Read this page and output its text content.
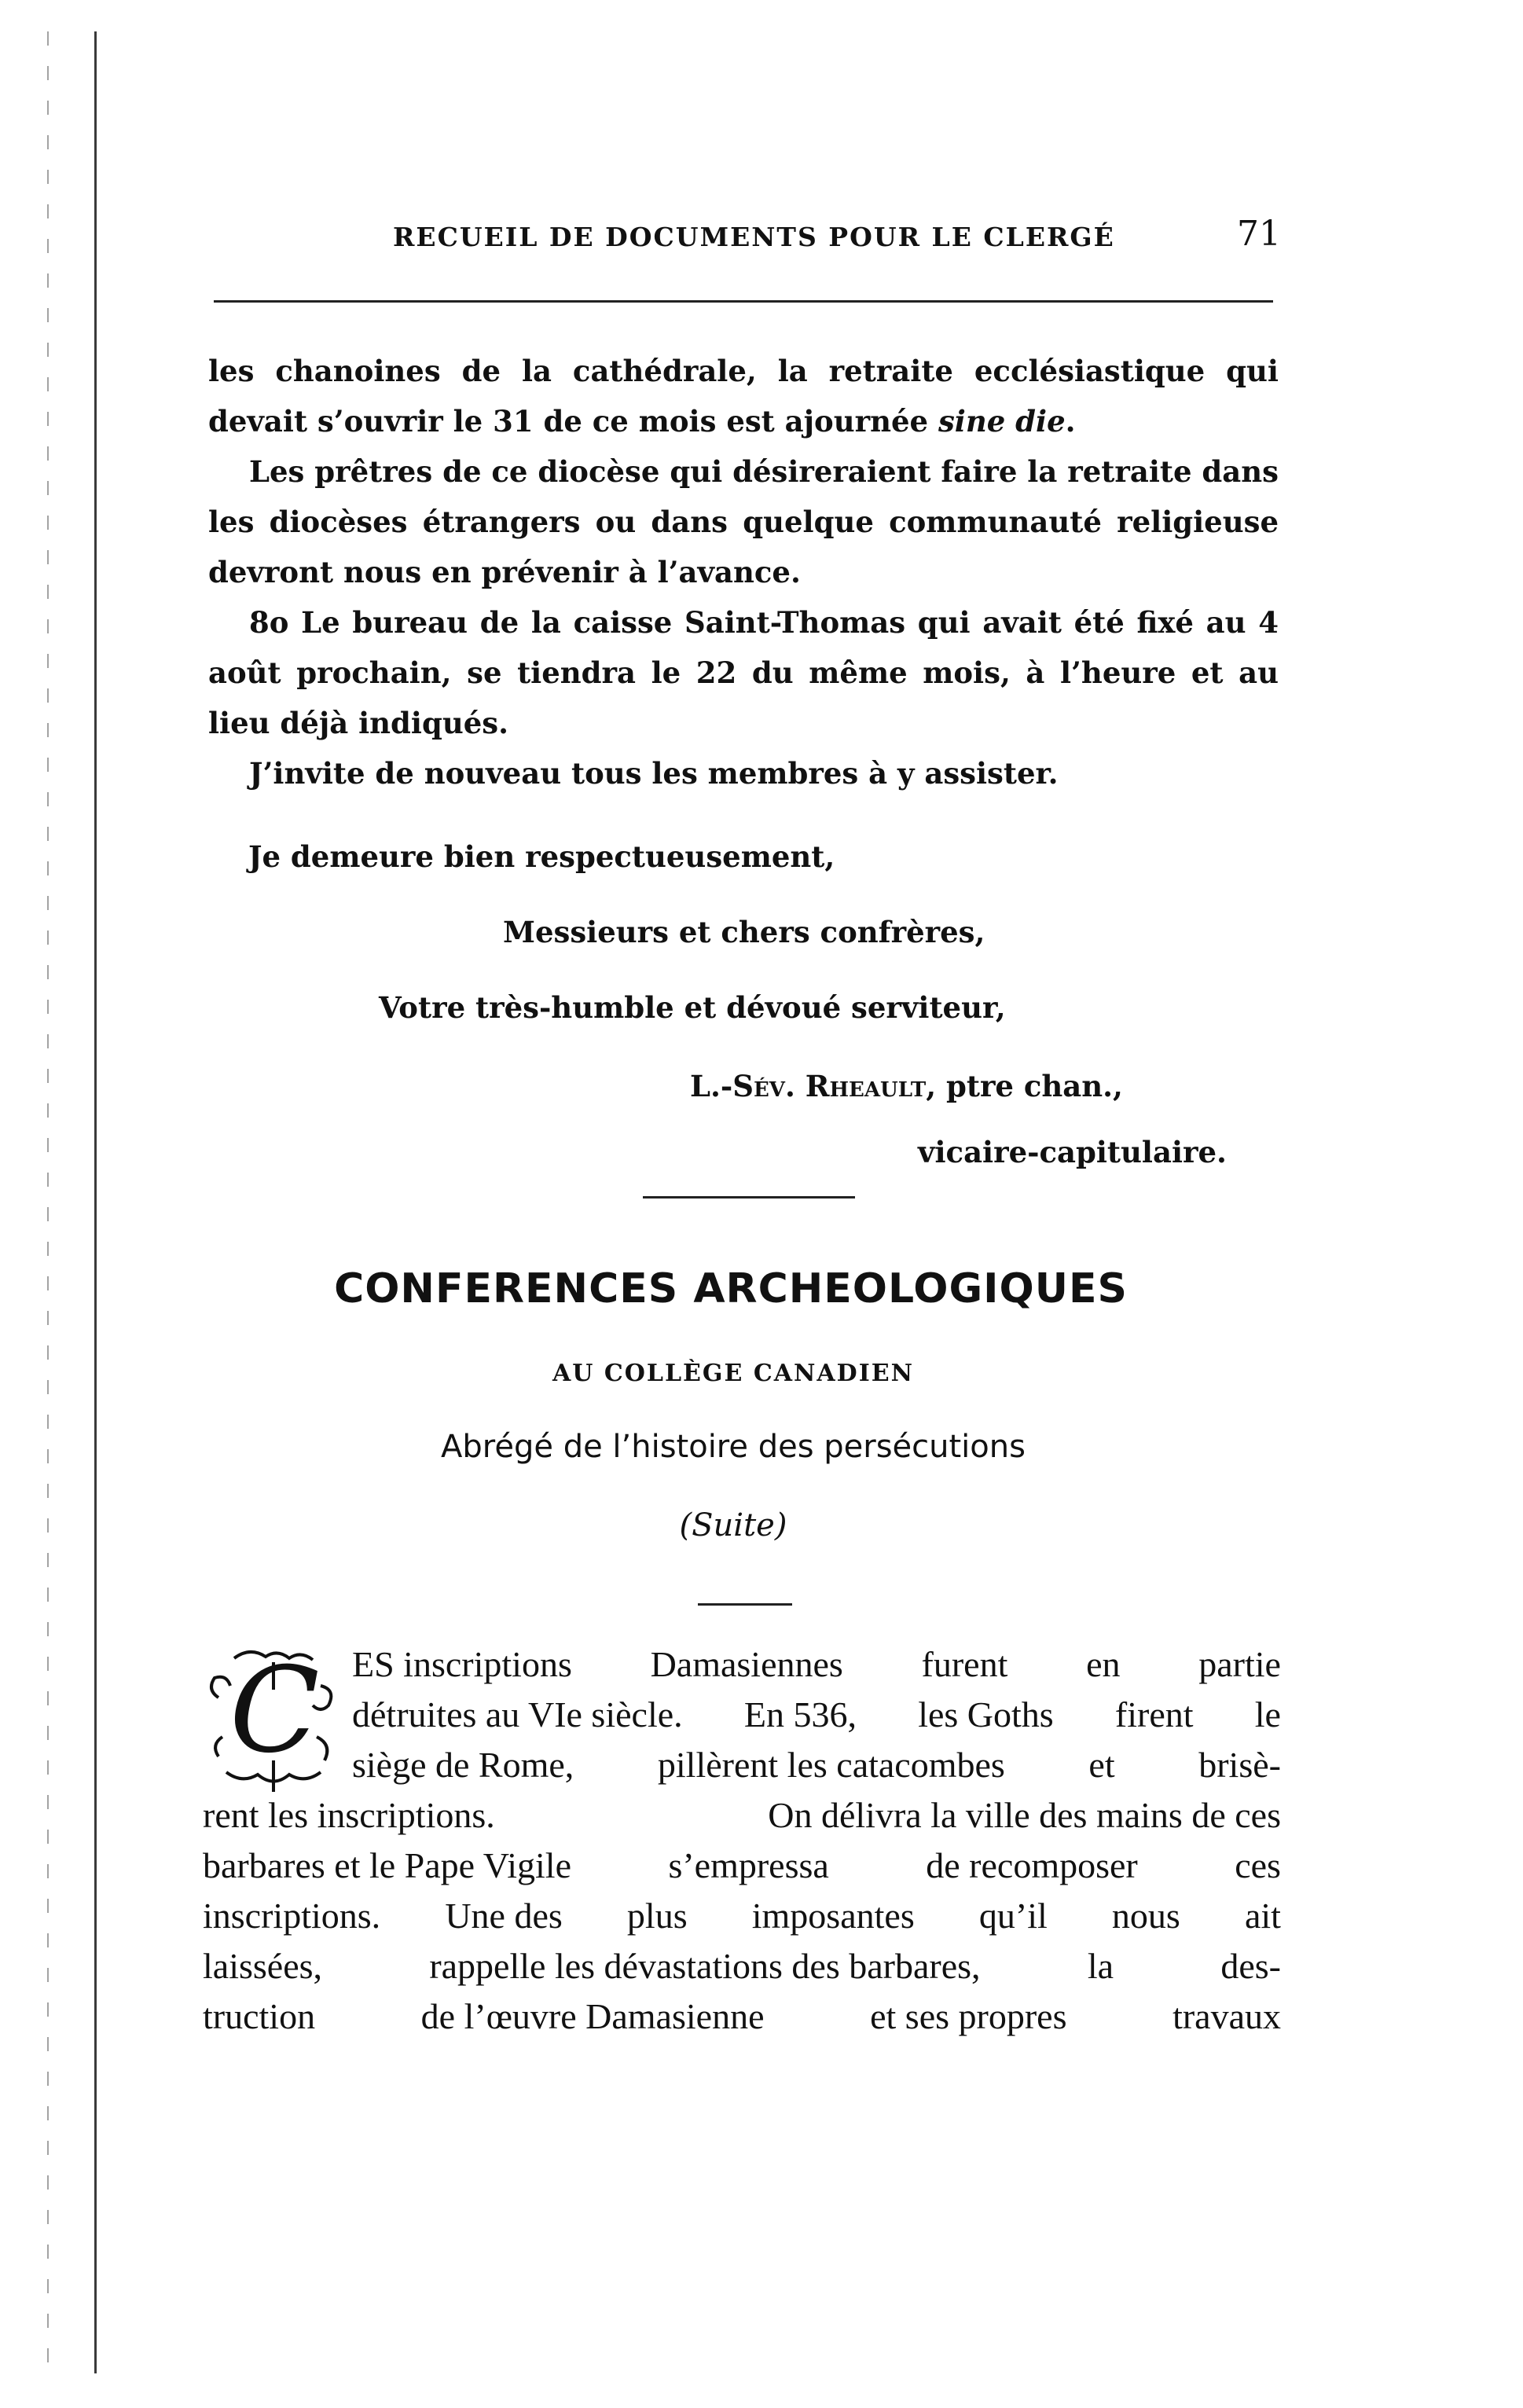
RECUEIL DE DOCUMENTS POUR LE CLERGÉ	71

les chanoines de la cathédrale, la retraite ecclésiastique qui devait s’ouvrir le 31 de ce mois est ajournée sine die.

Les prêtres de ce diocèse qui désireraient faire la retraite dans les diocèses étrangers ou dans quelque communauté religieuse devront nous en prévenir à l’avance.

8o Le bureau de la caisse Saint-Thomas qui avait été fixé au 4 août prochain, se tiendra le 22 du même mois, à l’heure et au lieu déjà indiqués.

J’invite de nouveau tous les membres à y assister.

Je demeure bien respectueusement,
Messieurs et chers confrères,
Votre très-humble et dévoué serviteur,
L.-Sév. Rheault, ptre chan.,
vicaire-capitulaire.
CONFERENCES ARCHEOLOGIQUES
AU COLLÈGE CANADIEN
Abrégé de l’histoire des persécutions
(Suite)
C ES inscriptions Damasiennes furent en partie
détruites au VIe siècle. En 536, les Goths firent le
siège de Rome, pillèrent les catacombes et brisè-
rent les inscriptions.	On délivra la ville des mains de ces
barbares et le Pape Vigile	s’empressa	de recomposer	ces
inscriptions. Une des plus imposantes qu’il nous ait
laissées,	rappelle les dévastations des barbares,	la	des-
truction	de l’œuvre Damasienne	et ses propres	travaux
